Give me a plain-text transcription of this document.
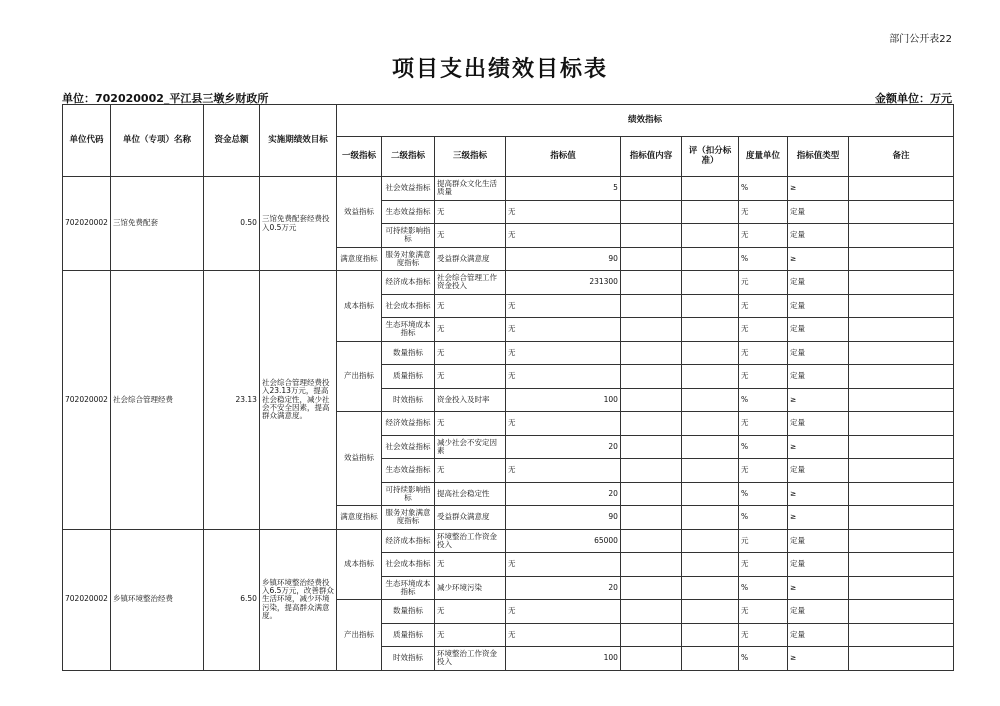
部门公开表22
项目支出绩效目标表
单位：702020002_平江县三墩乡财政所	金额单位：万元
单位代码	单位（专项）名称	资金总额	实施期绩效目标	绩效指标								
				一级指标	二级指标	三级指标	指标值	指标值内容	评（扣分标准）	度量单位	指标值类型	备注
702020002	三馆免费配套	0.50	三馆免费配套经费投入0.5万元	效益指标	社会效益指标	提高群众文化生活质量	5			%	≥	
					生态效益指标	无	无			无	定量	
					可持续影响指标	无	无			无	定量	
				满意度指标	服务对象满意度指标	受益群众满意度	90			%	≥	
702020002	社会综合管理经费	23.13	社会综合管理经费投入23.13万元，提高社会稳定性，减少社会不安全因素，提高群众满意度。	成本指标	经济成本指标	社会综合管理工作资金投入	231300			元	定量	
					社会成本指标	无	无			无	定量	
					生态环境成本指标	无	无			无	定量	
				产出指标	数量指标	无	无			无	定量	
					质量指标	无	无			无	定量	
					时效指标	资金投入及时率	100			%	≥	
				效益指标	经济效益指标	无	无			无	定量	
					社会效益指标	减少社会不安定因素	20			%	≥	
					生态效益指标	无	无			无	定量	
					可持续影响指标	提高社会稳定性	20			%	≥	
				满意度指标	服务对象满意度指标	受益群众满意度	90			%	≥	
702020002	乡镇环境整治经费	6.50	乡镇环境整治经费投入6.5万元，改善群众生活环境，减少环境污染，提高群众满意度。	成本指标	经济成本指标	环境整治工作资金投入	65000			元	定量	
					社会成本指标	无	无			无	定量	
					生态环境成本指标	减少环境污染	20			%	≥	
				产出指标	数量指标	无	无			无	定量	
					质量指标	无	无			无	定量	
					时效指标	环境整治工作资金投入	100			%	≥	
